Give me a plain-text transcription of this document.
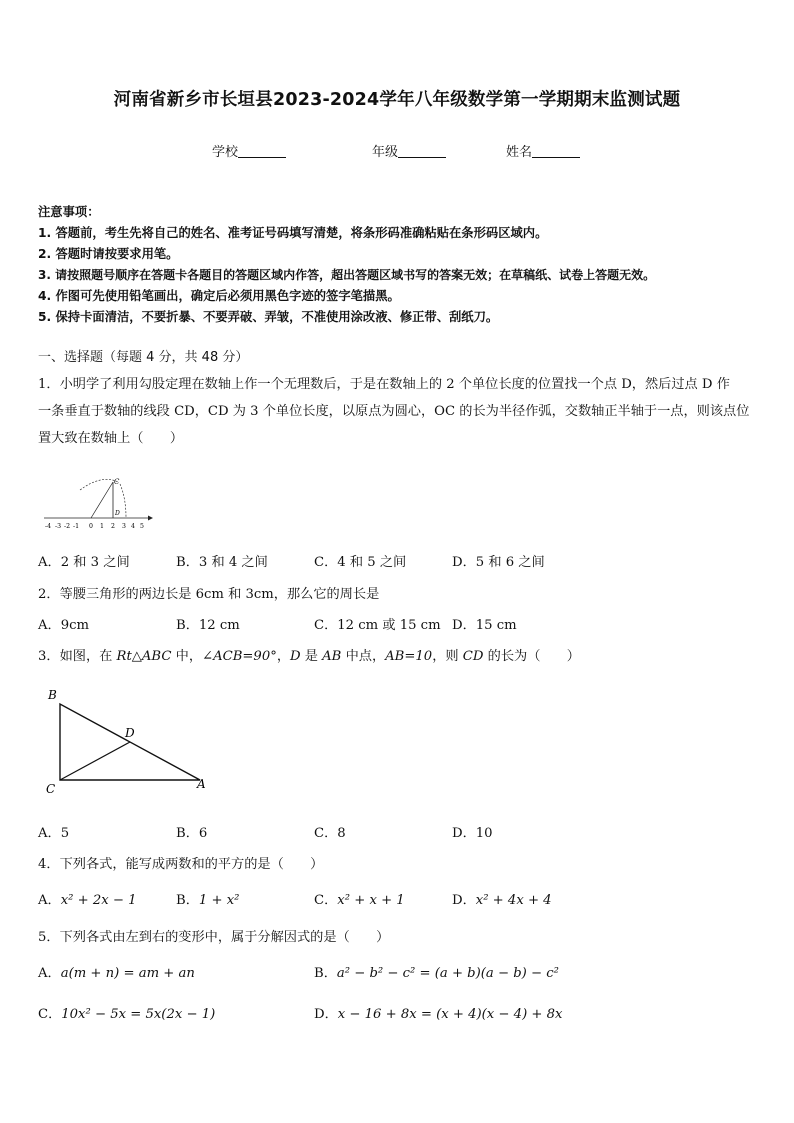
河南省新乡市长垣县2023-2024学年八年级数学第一学期期末监测试题
学校	年级	姓名
注意事项：
1. 答题前，考生先将自己的姓名、准考证号码填写清楚，将条形码准确粘贴在条形码区域内。
2. 答题时请按要求用笔。
3. 请按照题号顺序在答题卡各题目的答题区域内作答，超出答题区域书写的答案无效；在草稿纸、试卷上答题无效。
4. 作图可先使用铅笔画出，确定后必须用黑色字迹的签字笔描黑。
5. 保持卡面清洁，不要折暴、不要弄破、弄皱，不准使用涂改液、修正带、刮纸刀。
一、选择题（每题 4 分，共 48 分）
1．小明学了利用勾股定理在数轴上作一个无理数后，于是在数轴上的 2 个单位长度的位置找一个点 D，然后过点 D 作
一条垂直于数轴的线段 CD，CD 为 3 个单位长度，以原点为圆心，OC 的长为半径作弧，交数轴正半轴于一点，则该点位
置大致在数轴上（　　）
C
D
-4 -3 -2 -1 0 1 2 3 4 5
A．2 和 3 之间	B．3 和 4 之间	C．4 和 5 之间	D．5 和 6 之间
2．等腰三角形的两边长是 6cm 和 3cm，那么它的周长是
A．9cm	B．12 cm	C．12 cm 或 15 cm D．15 cm
3．如图，在 Rt△ABC 中，∠ACB=90°，D 是 AB 中点，AB=10，则 CD 的长为（　　）
B
D
C	A
A．5	B．6	C．8	D．10
4．下列各式，能写成两数和的平方的是（　　）
A．x² + 2x − 1	B．1 + x²	C．x² + x + 1	D．x² + 4x + 4
5．下列各式由左到右的变形中，属于分解因式的是（　　）
A．a(m + n) = am + an	B．a² − b² − c² = (a + b)(a − b) − c²
C．10x² − 5x = 5x(2x − 1)	D．x − 16 + 8x = (x + 4)(x − 4) + 8x
